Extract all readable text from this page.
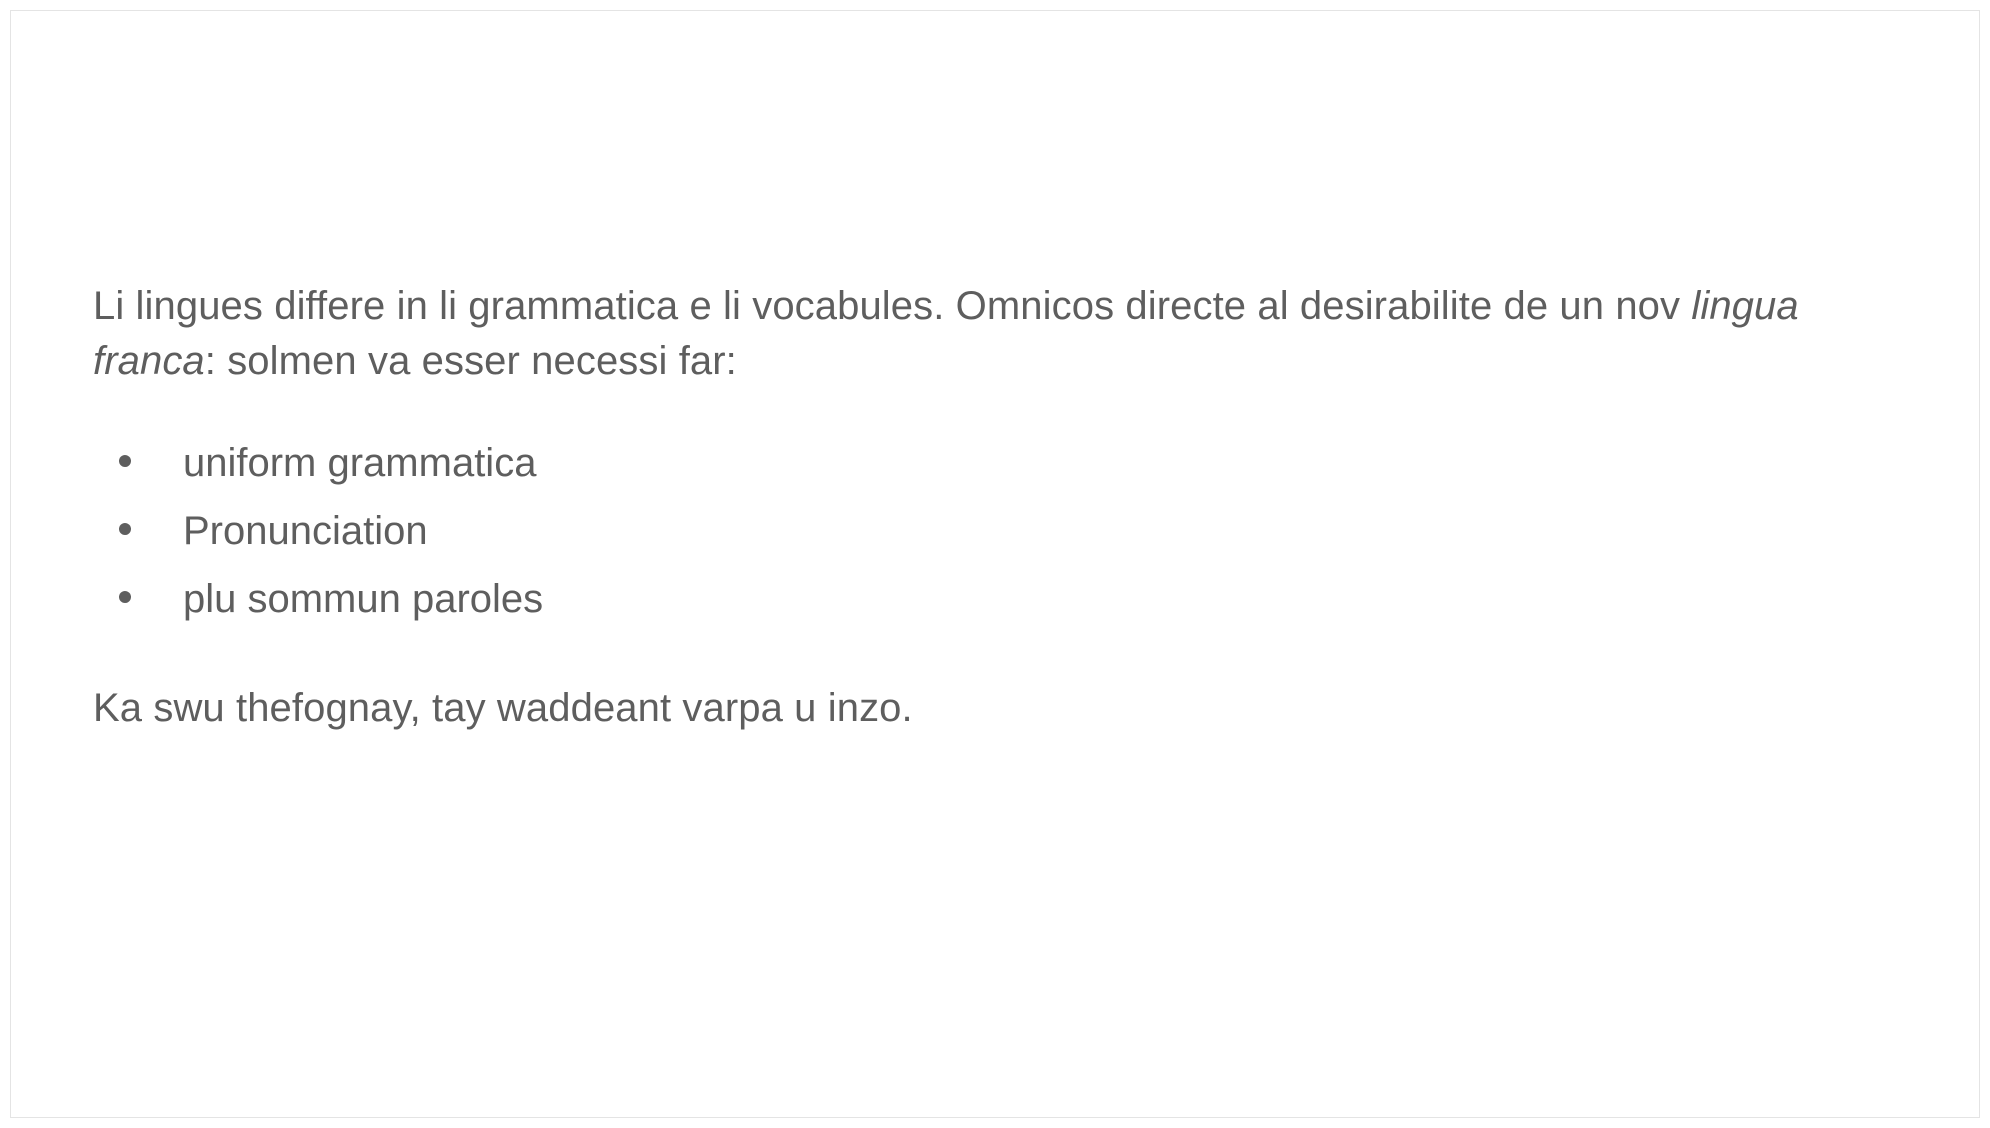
Li lingues differe in li grammatica e li vocabules. Omnicos directe al desirabilite de un nov lingua franca: solmen va esser necessi far:

uniform grammatica
Pronunciation
plu sommun paroles

Ka swu thefognay, tay waddeant varpa u inzo.
